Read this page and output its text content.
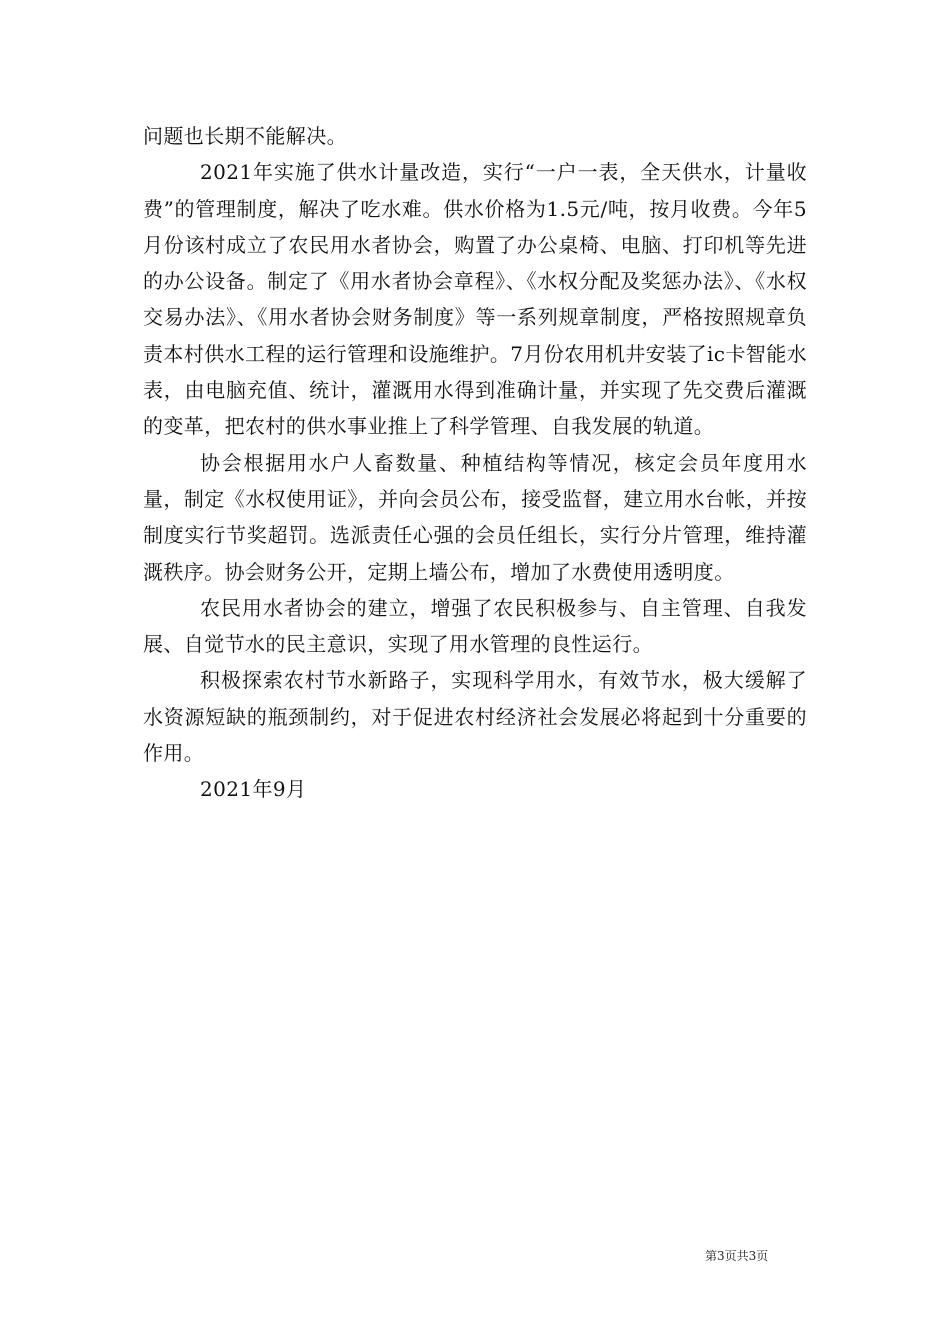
问题也长期不能解决。

2021年实施了供水计量改造，实行“一户一表，全天供水，计量收费”的管理制度，解决了吃水难。供水价格为1.5元/吨，按月收费。今年5月份该村成立了农民用水者协会，购置了办公桌椅、电脑、打印机等先进的办公设备。制定了《用水者协会章程》、《水权分配及奖惩办法》、《水权交易办法》、《用水者协会财务制度》等一系列规章制度，严格按照规章负责本村供水工程的运行管理和设施维护。7月份农用机井安装了ic卡智能水表，由电脑充值、统计，灌溉用水得到准确计量，并实现了先交费后灌溉的变革，把农村的供水事业推上了科学管理、自我发展的轨道。

协会根据用水户人畜数量、种植结构等情况，核定会员年度用水量，制定《水权使用证》，并向会员公布，接受监督，建立用水台帐，并按制度实行节奖超罚。选派责任心强的会员任组长，实行分片管理，维持灌溉秩序。协会财务公开，定期上墙公布，增加了水费使用透明度。

农民用水者协会的建立，增强了农民积极参与、自主管理、自我发展、自觉节水的民主意识，实现了用水管理的良性运行。

积极探索农村节水新路子，实现科学用水，有效节水，极大缓解了水资源短缺的瓶颈制约，对于促进农村经济社会发展必将起到十分重要的作用。

2021年9月

第3页共3页
